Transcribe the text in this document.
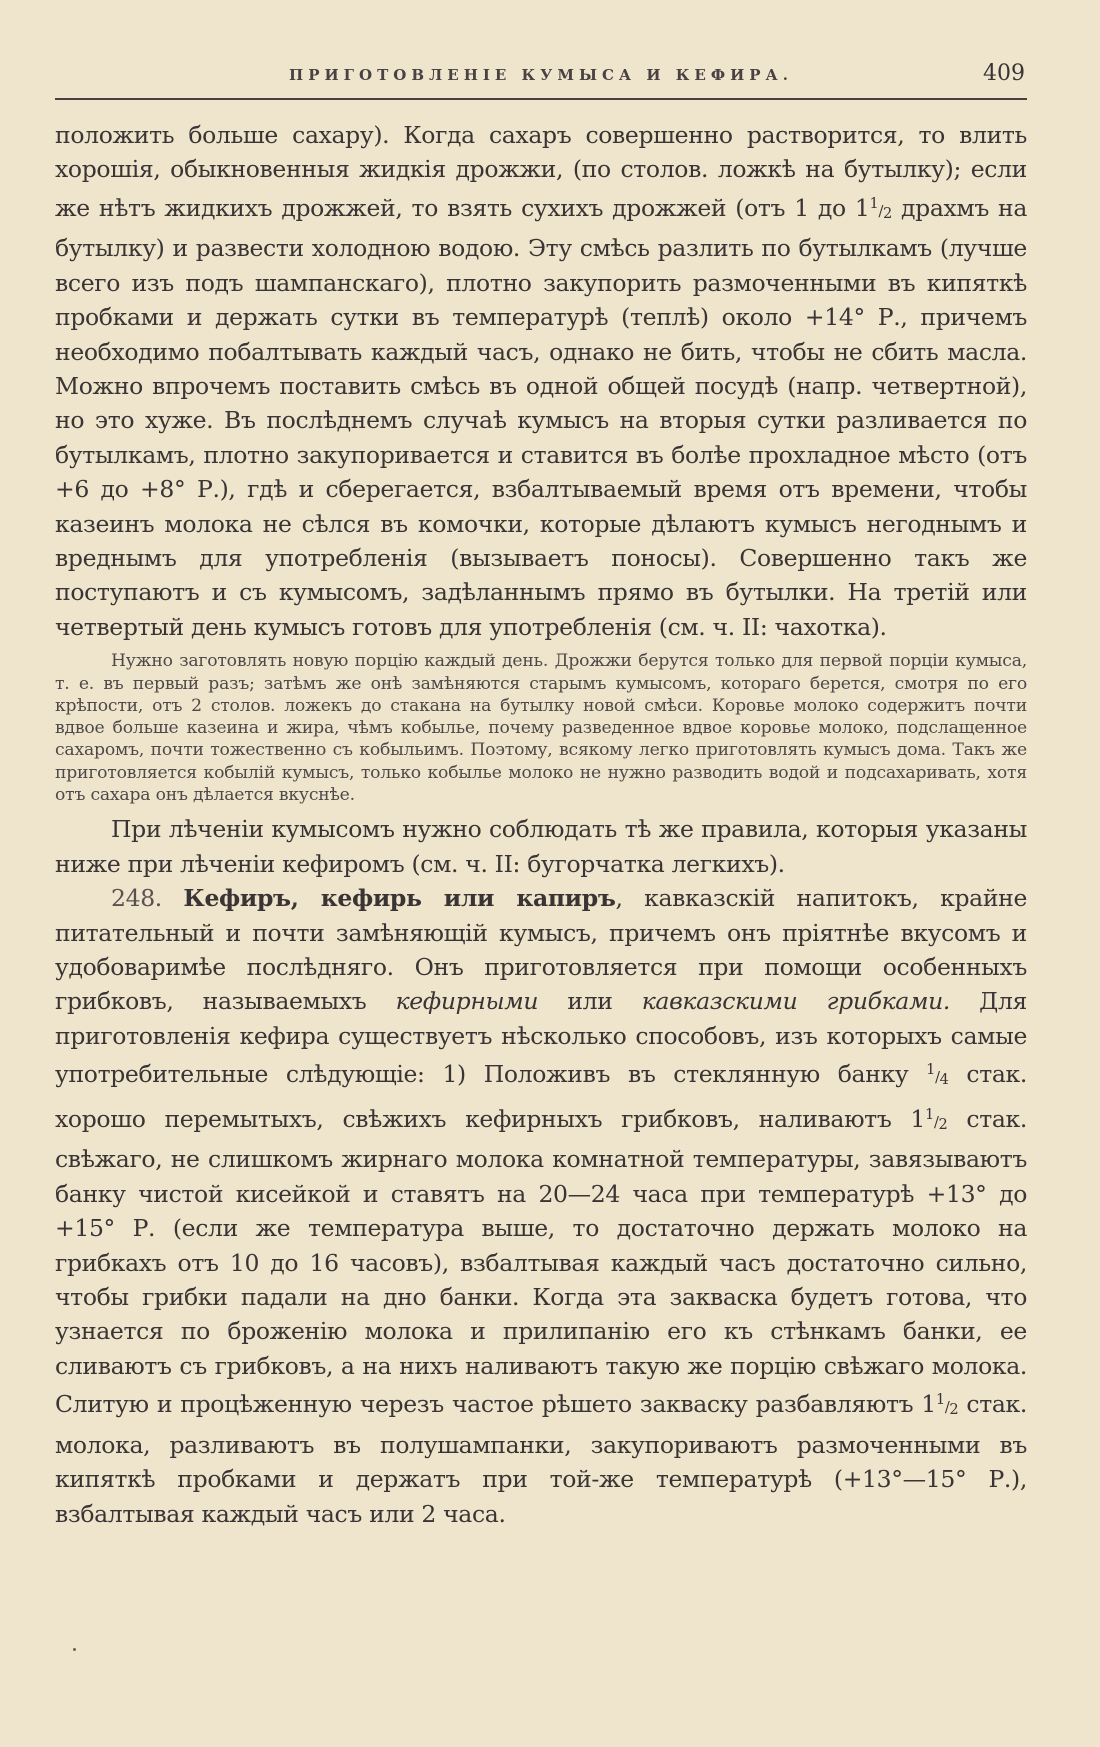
ПРИГОТОВЛЕНІЕ КУМЫСА И КЕФИРА.	409

положить больше сахару). Когда сахаръ совершенно растворится, то влить хорошія, обыкновенныя жидкія дрожжи, (по столов. ложкѣ на бутылку); если же нѣтъ жидкихъ дрожжей, то взять сухихъ дрожжей (отъ 1 до 11/2 драхмъ на бутылку) и развести холодною водою. Эту смѣсь разлить по бутылкамъ (лучше всего изъ подъ шампанскаго), плотно закупорить размоченными въ кипяткѣ пробками и держать сутки въ температурѣ (теплѣ) около +14° Р., причемъ необходимо побалтывать каждый часъ, однако не бить, чтобы не сбить масла. Можно впрочемъ поставить смѣсь въ одной общей посудѣ (напр. четвертной), но это хуже. Въ послѣднемъ случаѣ кумысъ на вторыя сутки разливается по бутылкамъ, плотно закупоривается и ставится въ болѣе прохладное мѣсто (отъ +6 до +8° Р.), гдѣ и сберегается, взбалтываемый время отъ времени, чтобы казеинъ молока не сѣлся въ комочки, которые дѣлаютъ кумысъ негоднымъ и вреднымъ для употребленія (вызываетъ поносы). Совершенно такъ же поступаютъ и съ кумысомъ, задѣланнымъ прямо въ бутылки. На третій или четвертый день кумысъ готовъ для употребленія (см. ч. II: чахотка).

Нужно заготовлять новую порцію каждый день. Дрожжи берутся только для первой порціи кумыса, т. е. въ первый разъ; затѣмъ же онѣ замѣняются старымъ кумысомъ, котораго берется, смотря по его крѣпости, отъ 2 столов. ложекъ до стакана на бутылку новой смѣси. Коровье молоко содержитъ почти вдвое больше казеина и жира, чѣмъ кобылье, почему разведенное вдвое коровье молоко, подслащенное сахаромъ, почти тожественно съ кобыльимъ. Поэтому, всякому легко приготовлять кумысъ дома. Такъ же приготовляется кобылій кумысъ, только кобылье молоко не нужно разводить водой и подсахаривать, хотя отъ сахара онъ дѣлается вкуснѣе.

При лѣченіи кумысомъ нужно соблюдать тѣ же правила, которыя указаны ниже при лѣченіи кефиромъ (см. ч. II: бугорчатка легкихъ).

248. Кефиръ, кефирь или капиръ, кавказскій напитокъ, крайне питательный и почти замѣняющій кумысъ, причемъ онъ пріятнѣе вкусомъ и удобоваримѣе послѣдняго. Онъ приготовляется при помощи особенныхъ грибковъ, называемыхъ кефирными или кавказскими грибками. Для приготовленія кефира существуетъ нѣсколько способовъ, изъ которыхъ самые употребительные слѣдующіе: 1) Положивъ въ стеклянную банку 1/4 стак. хорошо перемытыхъ, свѣжихъ кефирныхъ грибковъ, наливаютъ 11/2 стак. свѣжаго, не слишкомъ жирнаго молока комнатной температуры, завязываютъ банку чистой кисейкой и ставятъ на 20—24 часа при температурѣ +13° до +15° Р. (если же температура выше, то достаточно держать молоко на грибкахъ отъ 10 до 16 часовъ), взбалтывая каждый часъ достаточно сильно, чтобы грибки падали на дно банки. Когда эта закваска будетъ готова, что узнается по броженію молока и прилипанію его къ стѣнкамъ банки, ее сливаютъ съ грибковъ, а на нихъ наливаютъ такую же порцію свѣжаго молока. Слитую и процѣженную черезъ частое рѣшето закваску разбавляютъ 11/2 стак. молока, разливаютъ въ полушампанки, закупориваютъ размоченными въ кипяткѣ пробками и держатъ при той-же температурѣ (+13°—15° Р.), взбалтывая каждый часъ или 2 часа.
